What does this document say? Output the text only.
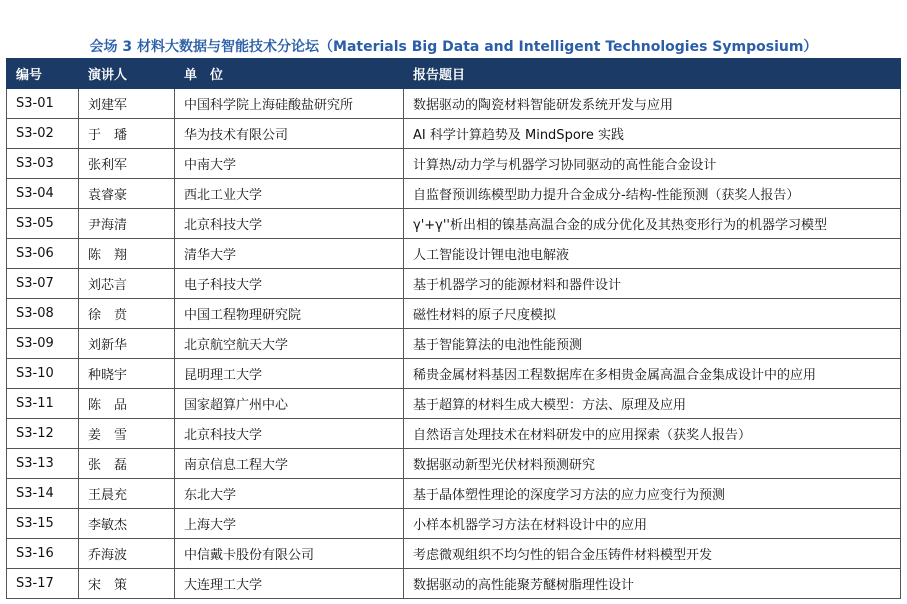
会场 3 材料大数据与智能技术分论坛（Materials Big Data and Intelligent Technologies Symposium）
编号	演讲人	单　位	报告题目
S3-01	刘建军	中国科学院上海硅酸盐研究所	数据驱动的陶瓷材料智能研发系统开发与应用
S3-02	于　璠	华为技术有限公司	AI 科学计算趋势及 MindSpore 实践
S3-03	张利军	中南大学	计算热/动力学与机器学习协同驱动的高性能合金设计
S3-04	袁睿豪	西北工业大学	自监督预训练模型助力提升合金成分-结构-性能预测（获奖人报告）
S3-05	尹海清	北京科技大学	γ'+γ''析出相的镍基高温合金的成分优化及其热变形行为的机器学习模型
S3-06	陈　翔	清华大学	人工智能设计锂电池电解液
S3-07	刘芯言	电子科技大学	基于机器学习的能源材料和器件设计
S3-08	徐　贲	中国工程物理研究院	磁性材料的原子尺度模拟
S3-09	刘新华	北京航空航天大学	基于智能算法的电池性能预测
S3-10	种晓宇	昆明理工大学	稀贵金属材料基因工程数据库在多相贵金属高温合金集成设计中的应用
S3-11	陈　品	国家超算广州中心	基于超算的材料生成大模型：方法、原理及应用
S3-12	姜　雪	北京科技大学	自然语言处理技术在材料研发中的应用探索（获奖人报告）
S3-13	张　磊	南京信息工程大学	数据驱动新型光伏材料预测研究
S3-14	王晨充	东北大学	基于晶体塑性理论的深度学习方法的应力应变行为预测
S3-15	李敏杰	上海大学	小样本机器学习方法在材料设计中的应用
S3-16	乔海波	中信戴卡股份有限公司	考虑微观组织不均匀性的铝合金压铸件材料模型开发
S3-17	宋　策	大连理工大学	数据驱动的高性能聚芳醚树脂理性设计
